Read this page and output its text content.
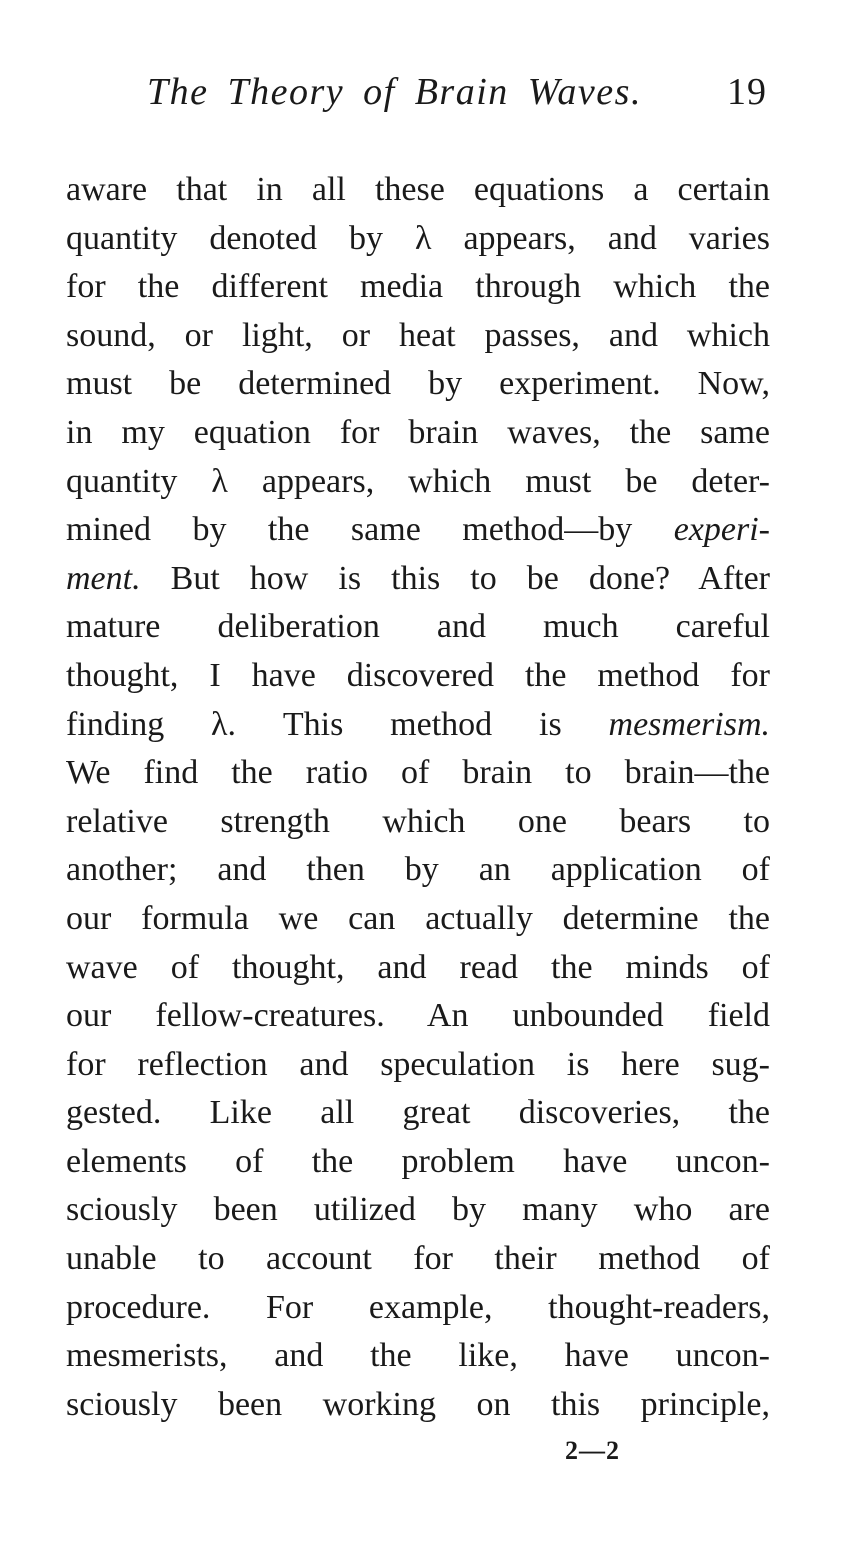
The Theory of Brain Waves. 19
aware that in all these equations a certain
quantity denoted by λ appears, and varies
for the different media through which the
sound, or light, or heat passes, and which
must be determined by experiment. Now,
in my equation for brain waves, the same
quantity λ appears, which must be deter-
mined by the same method—by experi-
ment. But how is this to be done? After
mature deliberation and much careful
thought, I have discovered the method for
finding λ. This method is mesmerism.
We find the ratio of brain to brain—the
relative strength which one bears to
another; and then by an application of
our formula we can actually determine the
wave of thought, and read the minds of
our fellow-creatures. An unbounded field
for reflection and speculation is here sug-
gested. Like all great discoveries, the
elements of the problem have uncon-
sciously been utilized by many who are
unable to account for their method of
procedure. For example, thought-readers,
mesmerists, and the like, have uncon-
sciously been working on this principle,
2—2
